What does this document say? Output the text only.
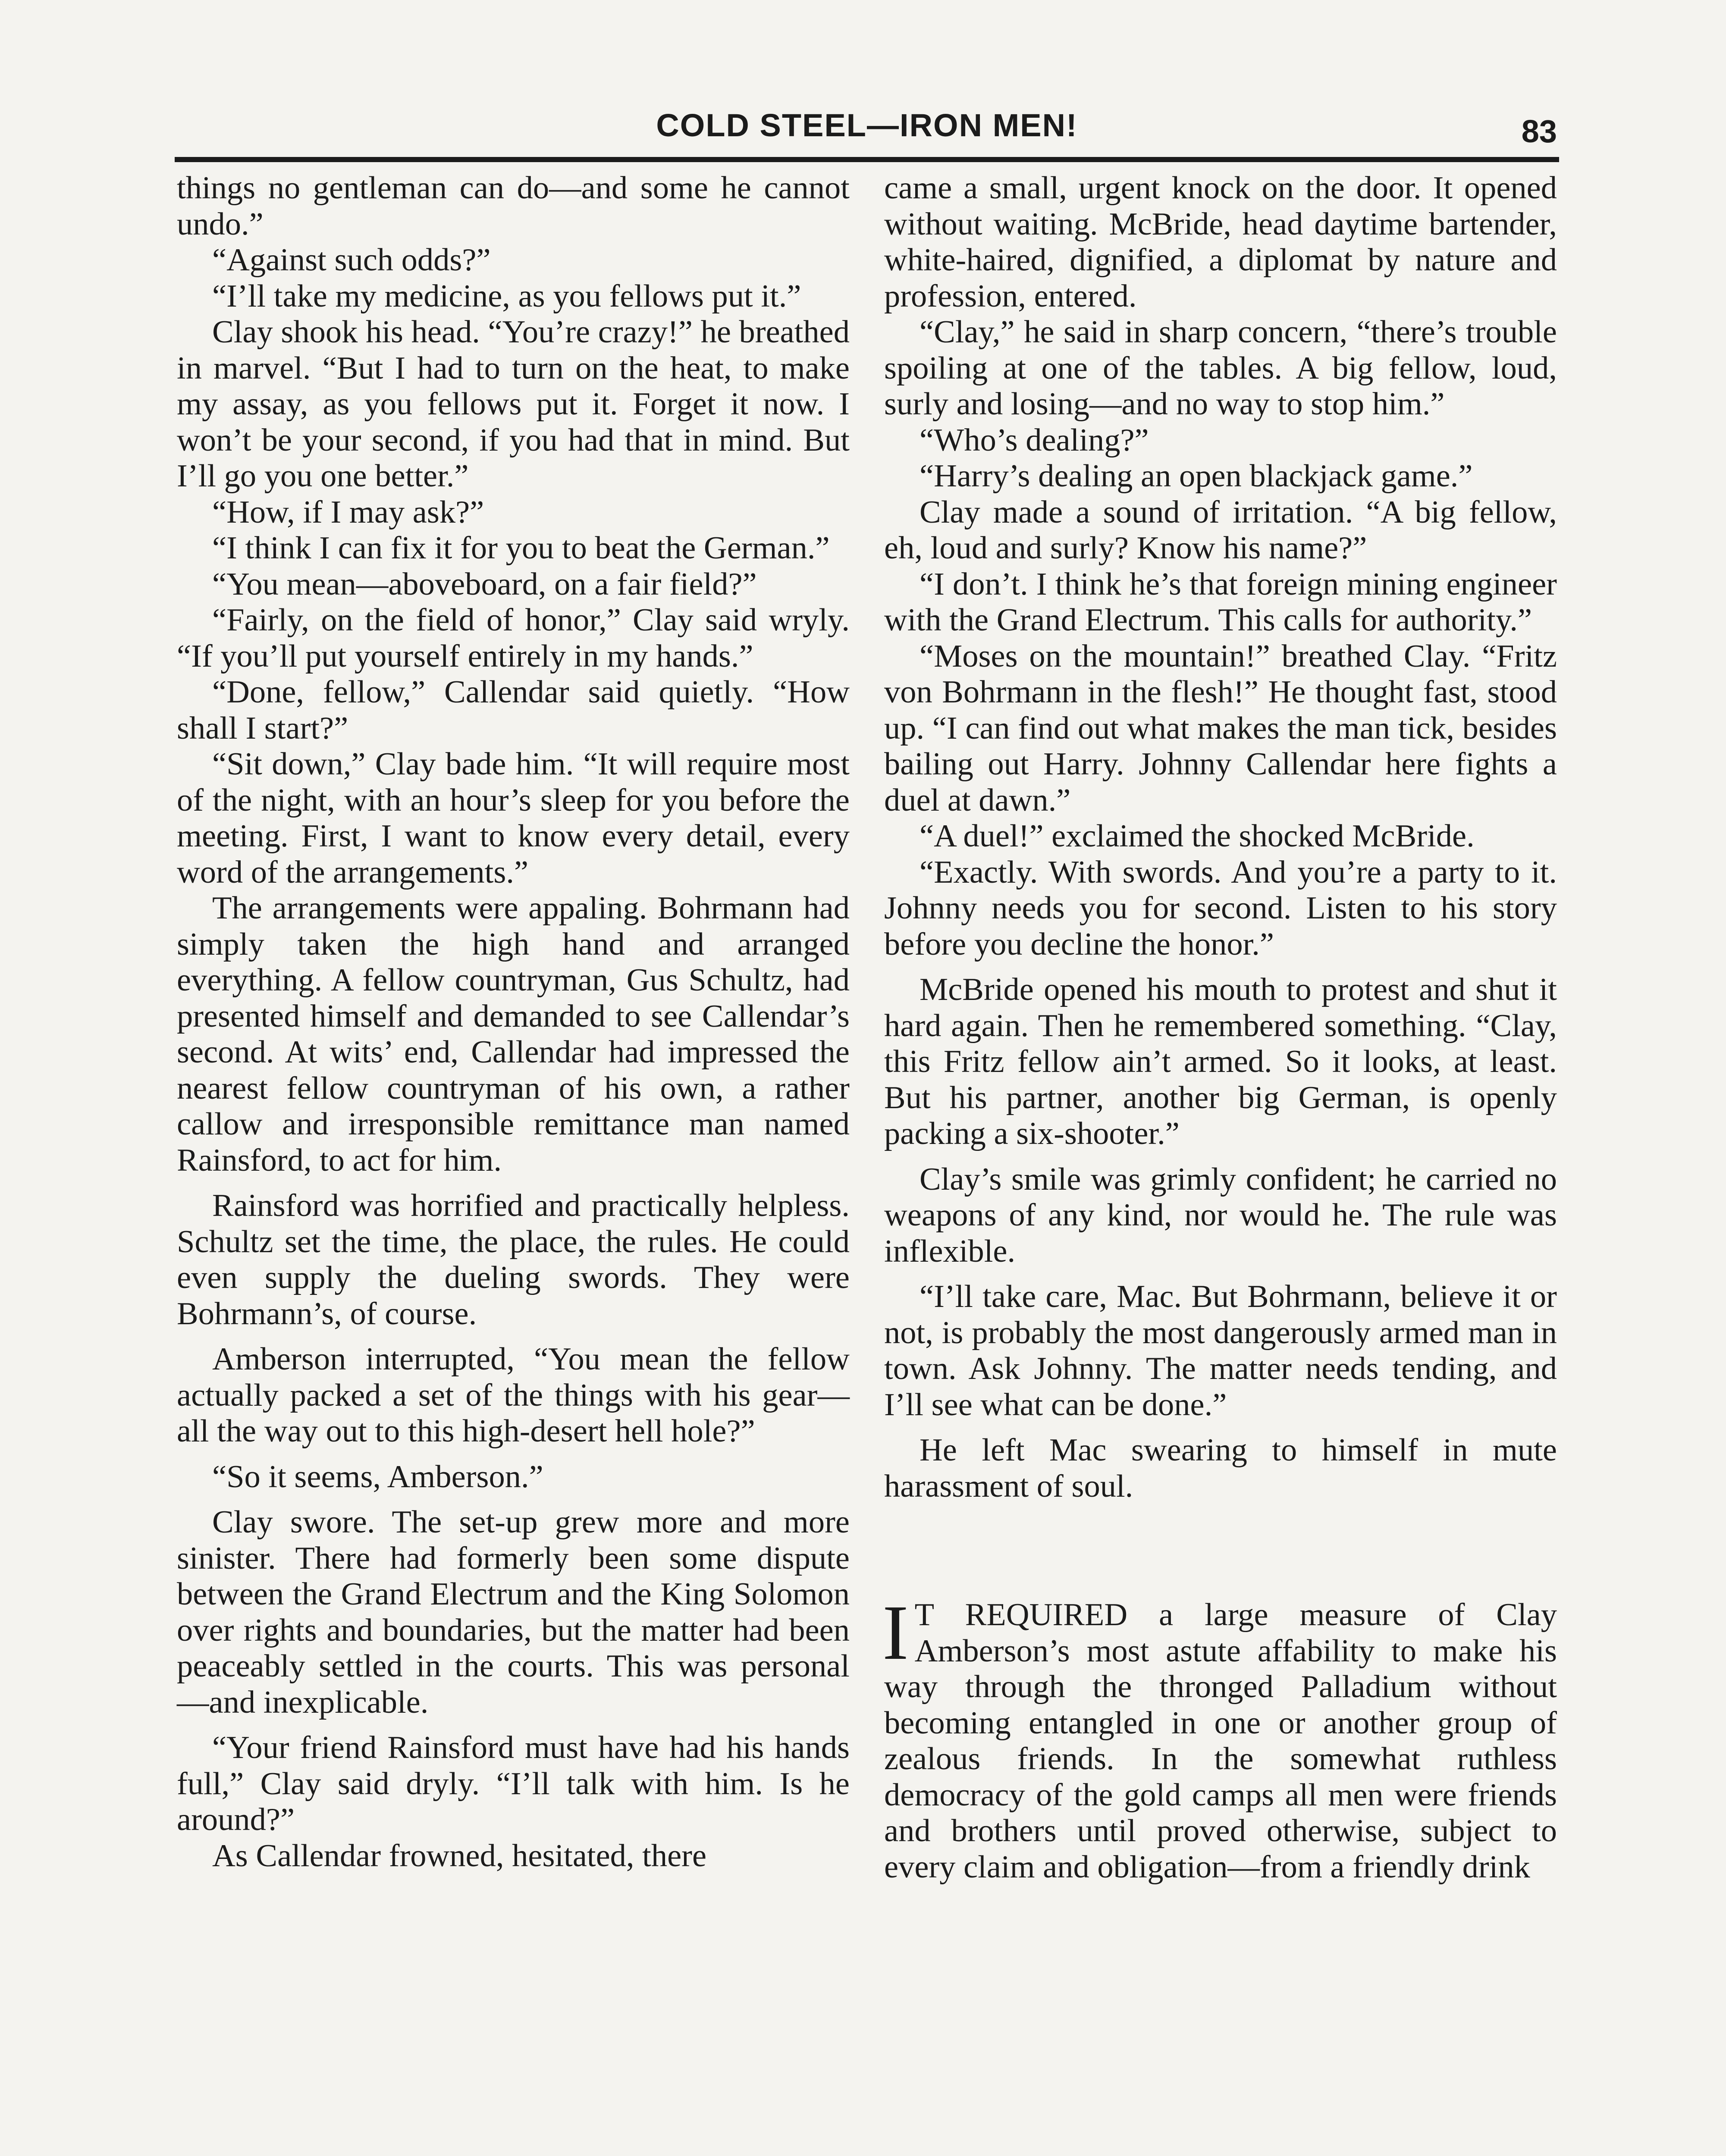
COLD STEEL—IRON MEN!	83

things no gentleman can do—and some he cannot undo.”

“Against such odds?”

“I’ll take my medicine, as you fellows put it.”

Clay shook his head. “You’re crazy!” he breathed in marvel. “But I had to turn on the heat, to make my assay, as you fellows put it. Forget it now. I won’t be your second, if you had that in mind. But I’ll go you one better.”

“How, if I may ask?”

“I think I can fix it for you to beat the German.”

“You mean—aboveboard, on a fair field?”

“Fairly, on the field of honor,” Clay said wryly. “If you’ll put yourself entirely in my hands.”

“Done, fellow,” Callendar said quietly. “How shall I start?”

“Sit down,” Clay bade him. “It will require most of the night, with an hour’s sleep for you before the meeting. First, I want to know every detail, every word of the arrangements.”

The arrangements were appaling. Bohrmann had simply taken the high hand and arranged everything. A fellow countryman, Gus Schultz, had presented himself and demanded to see Callendar’s second. At wits’ end, Callendar had impressed the nearest fellow countryman of his own, a rather callow and irresponsible remittance man named Rainsford, to act for him.

Rainsford was horrified and practically helpless. Schultz set the time, the place, the rules. He could even supply the dueling swords. They were Bohrmann’s, of course.

Amberson interrupted, “You mean the fellow actually packed a set of the things with his gear—all the way out to this high-desert hell hole?”

“So it seems, Amberson.”

Clay swore. The set-up grew more and more sinister. There had formerly been some dispute between the Grand Electrum and the King Solomon over rights and boundaries, but the matter had been peaceably settled in the courts. This was personal —and inexplicable.

“Your friend Rainsford must have had his hands full,” Clay said dryly. “I’ll talk with him. Is he around?”

As Callendar frowned, hesitated, there

came a small, urgent knock on the door. It opened without waiting. McBride, head daytime bartender, white-haired, dignified, a diplomat by nature and profession, entered.

“Clay,” he said in sharp concern, “there’s trouble spoiling at one of the tables. A big fellow, loud, surly and losing—and no way to stop him.”

“Who’s dealing?”

“Harry’s dealing an open blackjack game.”

Clay made a sound of irritation. “A big fellow, eh, loud and surly? Know his name?”

“I don’t. I think he’s that foreign mining engineer with the Grand Electrum. This calls for authority.”

“Moses on the mountain!” breathed Clay. “Fritz von Bohrmann in the flesh!” He thought fast, stood up. “I can find out what makes the man tick, besides bailing out Harry. Johnny Callendar here fights a duel at dawn.”

“A duel!” exclaimed the shocked McBride.

“Exactly. With swords. And you’re a party to it. Johnny needs you for second. Listen to his story before you decline the honor.”

McBride opened his mouth to protest and shut it hard again. Then he remembered something. “Clay, this Fritz fellow ain’t armed. So it looks, at least. But his partner, another big German, is openly packing a six-shooter.”

Clay’s smile was grimly confident; he carried no weapons of any kind, nor would he. The rule was inflexible.

“I’ll take care, Mac. But Bohrmann, believe it or not, is probably the most dangerously armed man in town. Ask Johnny. The matter needs tending, and I’ll see what can be done.”

He left Mac swearing to himself in mute harassment of soul.

I T REQUIRED a large measure of Clay Amberson’s most astute affability to make his way through the thronged Palladium without becoming entangled in one or another group of zealous friends. In the somewhat ruthless democracy of the gold camps all men were friends and brothers until proved otherwise, subject to every claim and obligation—from a friendly drink
